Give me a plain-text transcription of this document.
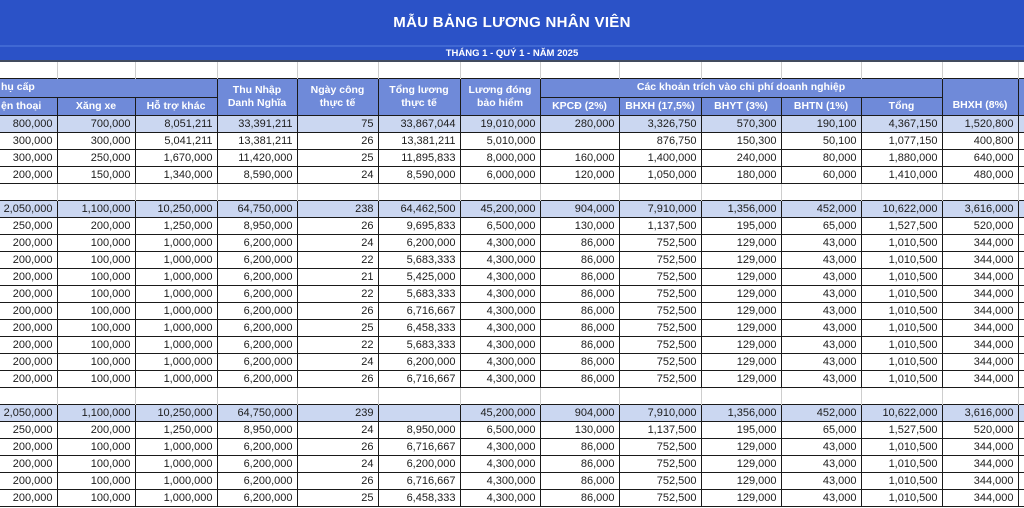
MẪU BẢNG LƯƠNG NHÂN VIÊN
THÁNG 1 - QUÝ 1 - NĂM 2025

hụ cấp			Thu Nhập Danh Nghĩa	Ngày công thực tế	Tổng lương thực tế	Lương đóng bảo hiểm	Các khoản trích vào chi phí doanh nghiệp					BHXH (8%)	
ện thoại	Xăng xe	Hỗ trợ khác					KPCĐ (2%)	BHXH (17,5%)	BHYT (3%)	BHTN (1%)	Tổng		
800,000	700,000	8,051,211	33,391,211	75	33,867,044	19,010,000	280,000	3,326,750	570,300	190,100	4,367,150	1,520,800	
300,000	300,000	5,041,211	13,381,211	26	13,381,211	5,010,000		876,750	150,300	50,100	1,077,150	400,800	
300,000	250,000	1,670,000	11,420,000	25	11,895,833	8,000,000	160,000	1,400,000	240,000	80,000	1,880,000	640,000	
200,000	150,000	1,340,000	8,590,000	24	8,590,000	6,000,000	120,000	1,050,000	180,000	60,000	1,410,000	480,000	

2,050,000	1,100,000	10,250,000	64,750,000	238	64,462,500	45,200,000	904,000	7,910,000	1,356,000	452,000	10,622,000	3,616,000	
250,000	200,000	1,250,000	8,950,000	26	9,695,833	6,500,000	130,000	1,137,500	195,000	65,000	1,527,500	520,000	
200,000	100,000	1,000,000	6,200,000	24	6,200,000	4,300,000	86,000	752,500	129,000	43,000	1,010,500	344,000	
200,000	100,000	1,000,000	6,200,000	22	5,683,333	4,300,000	86,000	752,500	129,000	43,000	1,010,500	344,000	
200,000	100,000	1,000,000	6,200,000	21	5,425,000	4,300,000	86,000	752,500	129,000	43,000	1,010,500	344,000	
200,000	100,000	1,000,000	6,200,000	22	5,683,333	4,300,000	86,000	752,500	129,000	43,000	1,010,500	344,000	
200,000	100,000	1,000,000	6,200,000	26	6,716,667	4,300,000	86,000	752,500	129,000	43,000	1,010,500	344,000	
200,000	100,000	1,000,000	6,200,000	25	6,458,333	4,300,000	86,000	752,500	129,000	43,000	1,010,500	344,000	
200,000	100,000	1,000,000	6,200,000	22	5,683,333	4,300,000	86,000	752,500	129,000	43,000	1,010,500	344,000	
200,000	100,000	1,000,000	6,200,000	24	6,200,000	4,300,000	86,000	752,500	129,000	43,000	1,010,500	344,000	
200,000	100,000	1,000,000	6,200,000	26	6,716,667	4,300,000	86,000	752,500	129,000	43,000	1,010,500	344,000	

2,050,000	1,100,000	10,250,000	64,750,000	239		45,200,000	904,000	7,910,000	1,356,000	452,000	10,622,000	3,616,000	
250,000	200,000	1,250,000	8,950,000	24	8,950,000	6,500,000	130,000	1,137,500	195,000	65,000	1,527,500	520,000	
200,000	100,000	1,000,000	6,200,000	26	6,716,667	4,300,000	86,000	752,500	129,000	43,000	1,010,500	344,000	
200,000	100,000	1,000,000	6,200,000	24	6,200,000	4,300,000	86,000	752,500	129,000	43,000	1,010,500	344,000	
200,000	100,000	1,000,000	6,200,000	26	6,716,667	4,300,000	86,000	752,500	129,000	43,000	1,010,500	344,000	
200,000	100,000	1,000,000	6,200,000	25	6,458,333	4,300,000	86,000	752,500	129,000	43,000	1,010,500	344,000	
